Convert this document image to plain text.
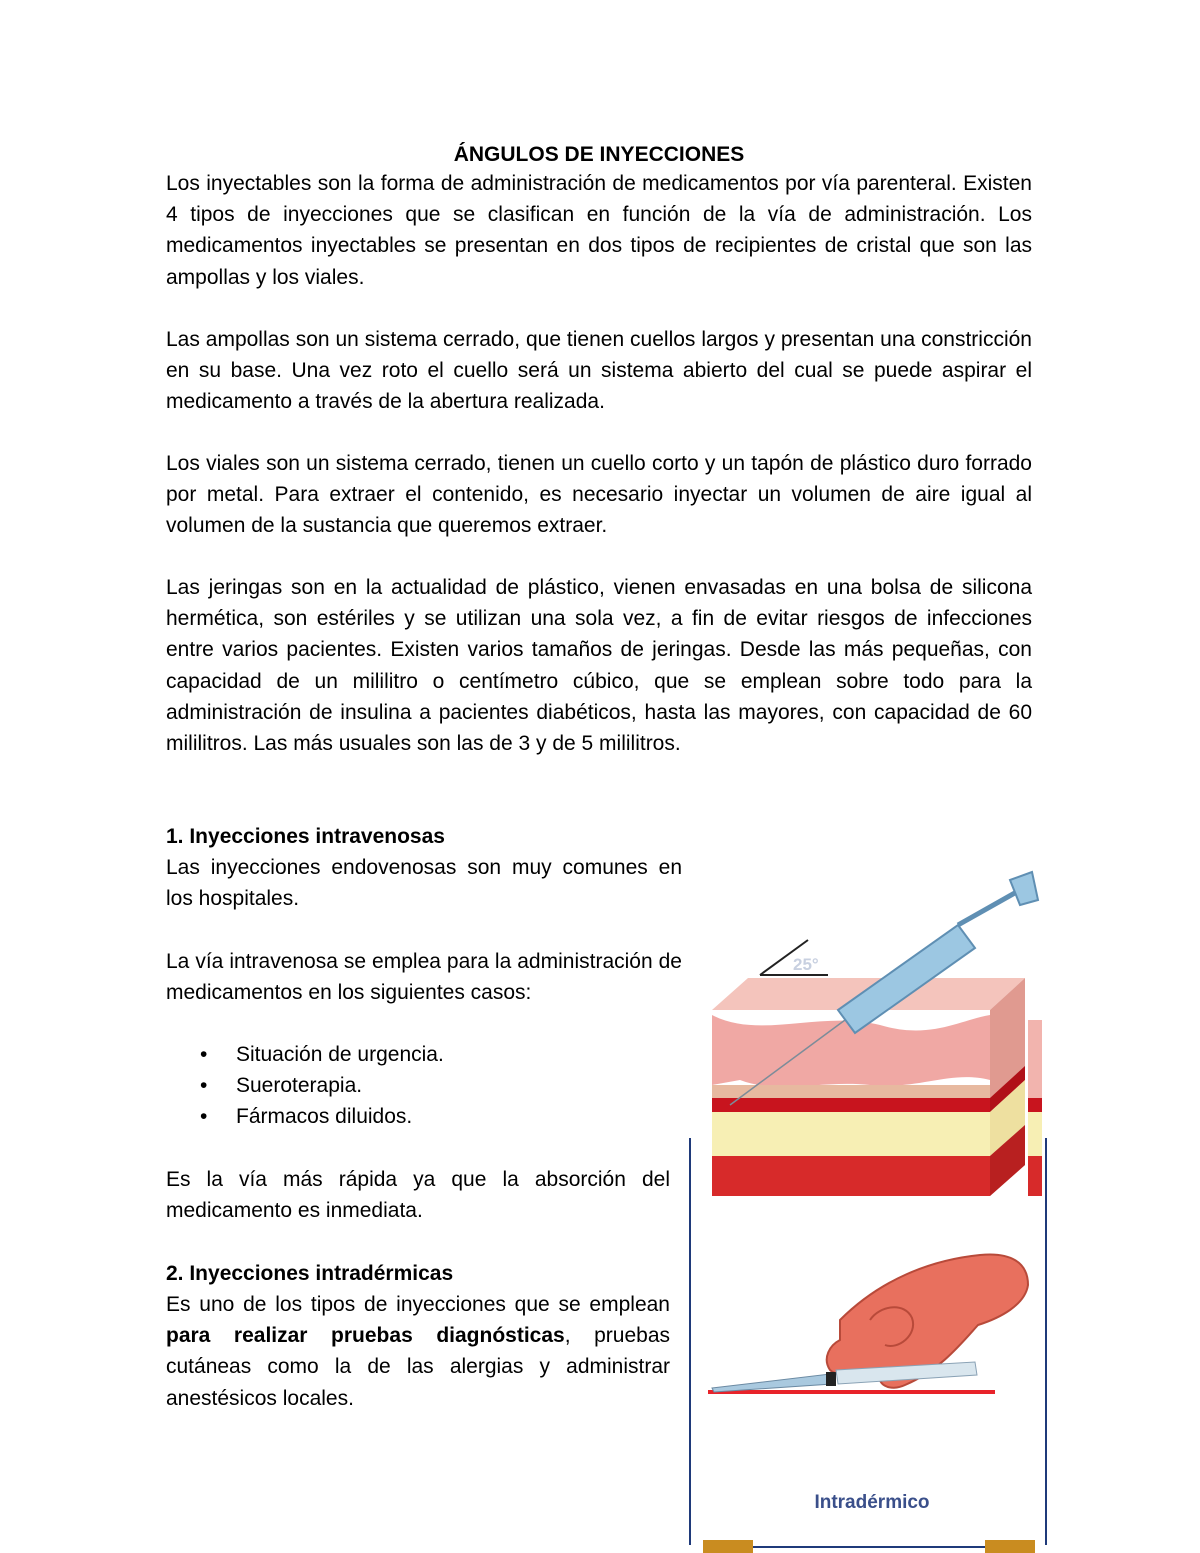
ÁNGULOS DE INYECCIONES

Los inyectables son la forma de administración de medicamentos por vía parenteral. Existen 4 tipos de inyecciones que se clasifican en función de la vía de administración. Los medicamentos inyectables se presentan en dos tipos de recipientes de cristal que son las ampollas y los viales.

Las ampollas son un sistema cerrado, que tienen cuellos largos y presentan una constricción en su base. Una vez roto el cuello será un sistema abierto del cual se puede aspirar el medicamento a través de la abertura realizada.

Los viales son un sistema cerrado, tienen un cuello corto y un tapón de plástico duro forrado por metal. Para extraer el contenido, es necesario inyectar un volumen de aire igual al volumen de la sustancia que queremos extraer.

Las jeringas son en la actualidad de plástico, vienen envasadas en una bolsa de silicona hermética, son estériles y se utilizan una sola vez, a fin de evitar riesgos de infecciones entre varios pacientes. Existen varios tamaños de jeringas. Desde las más pequeñas, con capacidad de un mililitro o centímetro cúbico, que se emplean sobre todo para la administración de insulina a pacientes diabéticos, hasta las mayores, con capacidad de 60 mililitros. Las más usuales son las de 3 y de 5 mililitros.

1. Inyecciones intravenosas

Las inyecciones endovenosas son muy comunes en los hospitales.

La vía intravenosa se emplea para la administración de medicamentos en los siguientes casos:

• Situación de urgencia.
• Sueroterapia.
• Fármacos diluidos.

Es la vía más rápida ya que la absorción del medicamento es inmediata.

2. Inyecciones intradérmicas

Es uno de los tipos de inyecciones que se emplean para realizar pruebas diagnósticas, pruebas cutáneas como la de las alergias y administrar anestésicos locales.

25°
Intradérmico
